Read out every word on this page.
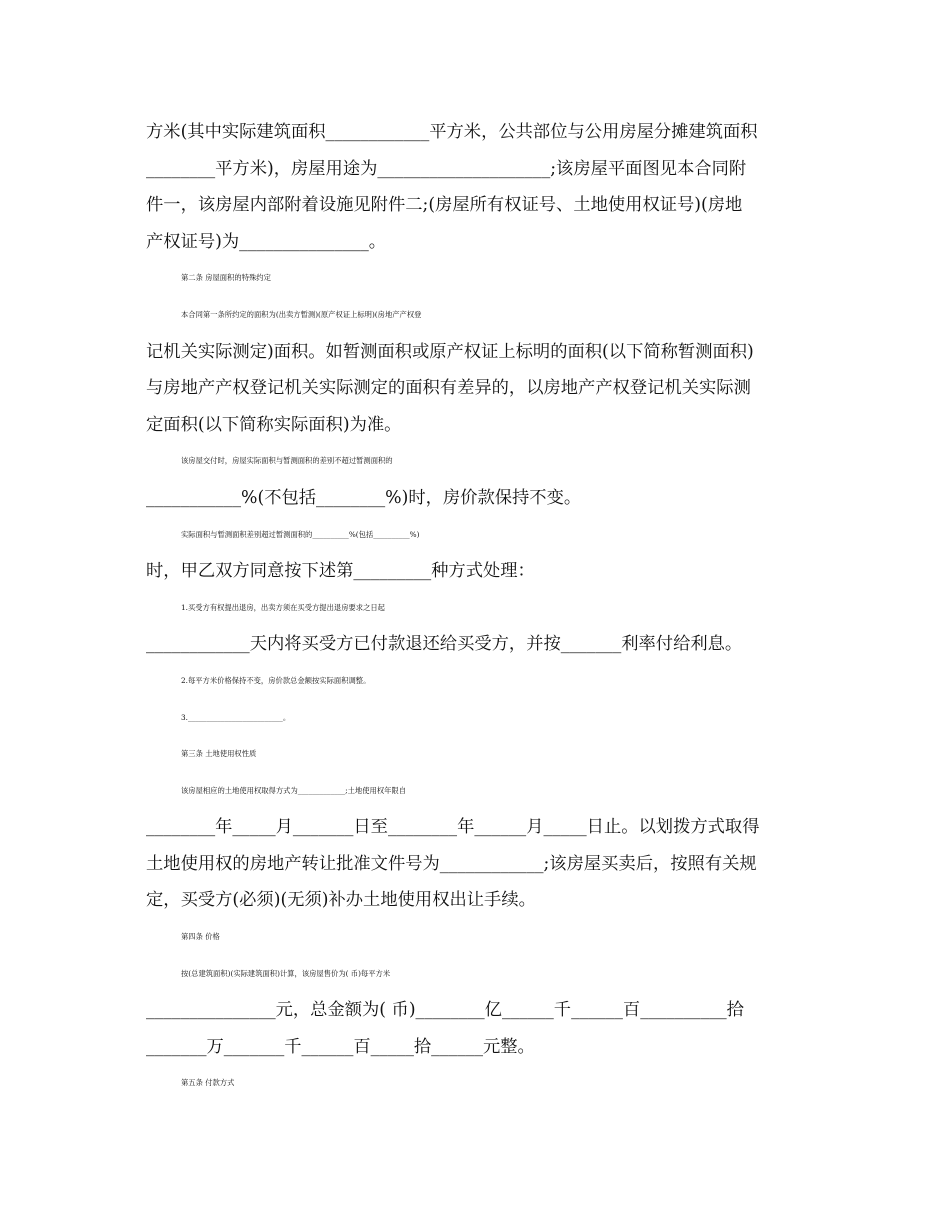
方米(其中实际建筑面积____________平方米，公共部位与公用房屋分摊建筑面积
________平方米)，房屋用途为____________________;该房屋平面图见本合同附
件一，该房屋内部附着设施见附件二;(房屋所有权证号、土地使用权证号)(房地
产权证号)为_______________。
第二条 房屋面积的特殊约定
本合同第一条所约定的面积为(出卖方暂测)(原产权证上标明)(房地产产权登
记机关实际测定)面积。如暂测面积或原产权证上标明的面积(以下简称暂测面积)
与房地产产权登记机关实际测定的面积有差异的，以房地产产权登记机关实际测
定面积(以下简称实际面积)为准。
该房屋交付时，房屋实际面积与暂测面积的差别不超过暂测面积的
___________%(不包括________%)时，房价款保持不变。
实际面积与暂测面积差别超过暂测面积的__________%(包括__________%)
时，甲乙双方同意按下述第_________种方式处理：
1.买受方有权提出退房，出卖方须在买受方提出退房要求之日起
____________天内将买受方已付款退还给买受方，并按_______利率付给利息。
2.每平方米价格保持不变，房价款总金额按实际面积调整。
3.__________________________。
第三条 土地使用权性质
该房屋相应的土地使用权取得方式为_____________;土地使用权年限自
________年_____月_______日至________年______月_____日止。以划拨方式取得
土地使用权的房地产转让批准文件号为____________;该房屋买卖后，按照有关规
定，买受方(必须)(无须)补办土地使用权出让手续。
第四条 价格
按(总建筑面积)(实际建筑面积)计算，该房屋售价为( 币)每平方米
_______________元，总金额为( 币)________亿______千______百__________拾
_______万_______千______百_____拾______元整。
第五条 付款方式
